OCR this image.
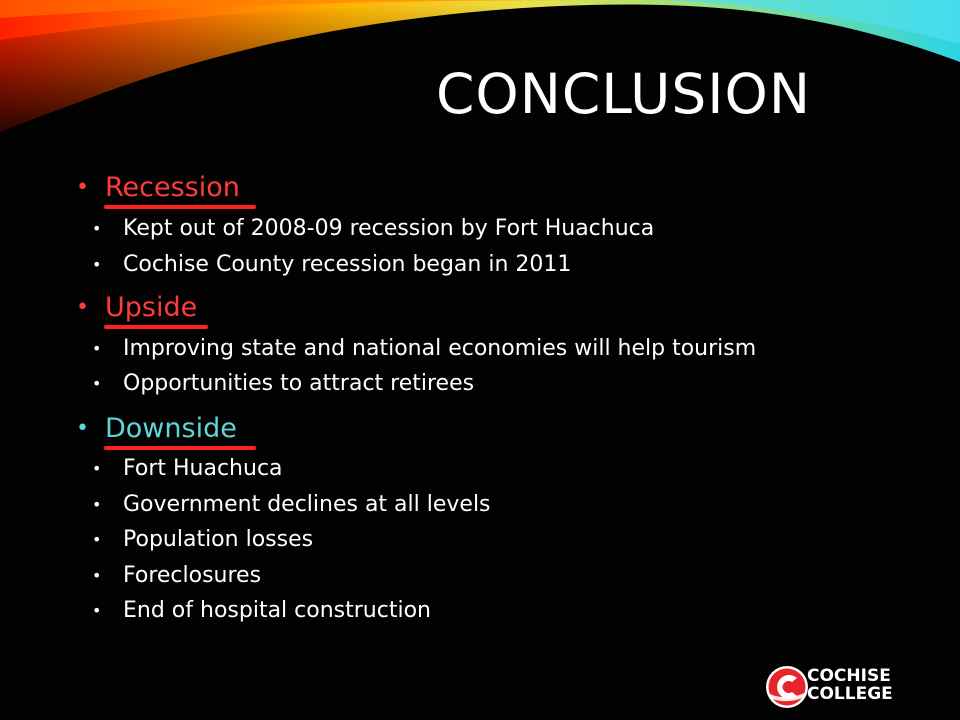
CONCLUSION
• Recession
• Kept out of 2008-09 recession by Fort Huachuca
• Cochise County recession began in 2011
• Upside
• Improving state and national economies will help tourism
• Opportunities to attract retirees
• Downside
• Fort Huachuca
• Government declines at all levels
• Population losses
• Foreclosures
• End of hospital construction
COCHISE
COLLEGE
